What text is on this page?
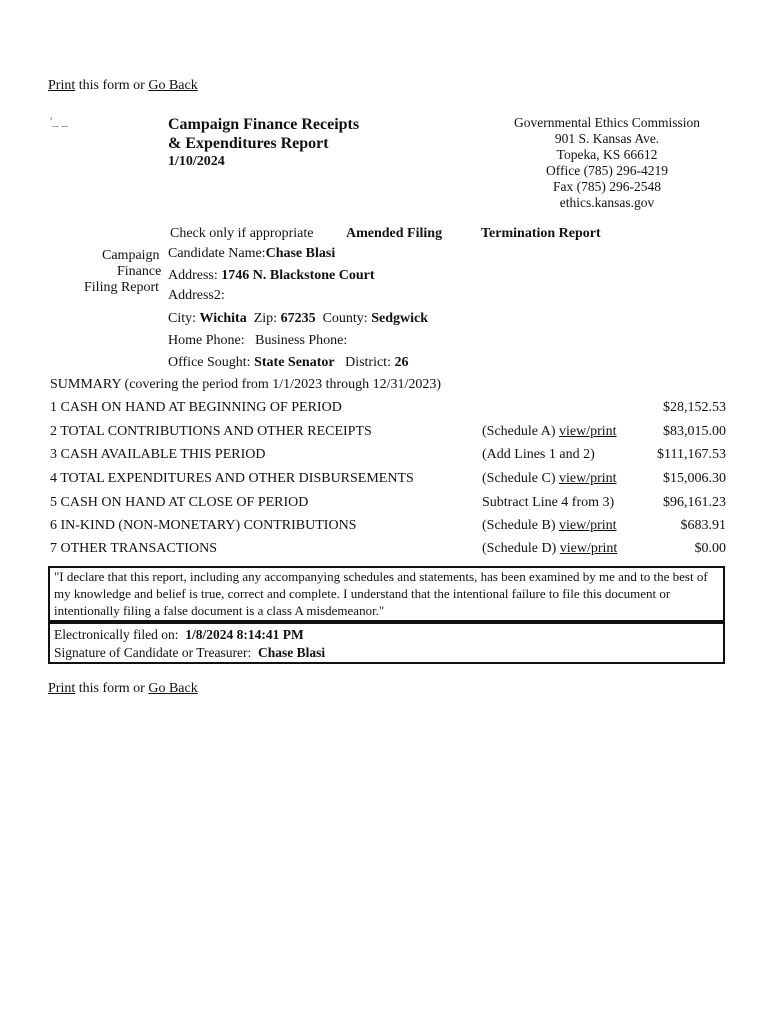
Print this form or Go Back
′_ _	Campaign Finance Receipts
& Expenditures Report
1/10/2024
Governmental Ethics Commission
901 S. Kansas Ave.
Topeka, KS 66612
Office (785) 296-4219
Fax (785) 296-2548
ethics.kansas.gov
Check only if appropriate Amended Filing	Termination Report
Campaign
Finance
Filing Report
Candidate Name:Chase Blasi
Address: 1746 N. Blackstone Court
Address2:
City: Wichita Zip: 67235 County: Sedgwick
Home Phone: Business Phone:
Office Sought: State Senator District: 26
SUMMARY (covering the period from 1/1/2023 through 12/31/2023)
1 CASH ON HAND AT BEGINNING OF PERIOD	$28,152.53
2 TOTAL CONTRIBUTIONS AND OTHER RECEIPTS	(Schedule A) view/print	$83,015.00
3 CASH AVAILABLE THIS PERIOD	(Add Lines 1 and 2)	$111,167.53
4 TOTAL EXPENDITURES AND OTHER DISBURSEMENTS	(Schedule C) view/print	$15,006.30
5 CASH ON HAND AT CLOSE OF PERIOD	Subtract Line 4 from 3)	$96,161.23
6 IN-KIND (NON-MONETARY) CONTRIBUTIONS	(Schedule B) view/print	$683.91
7 OTHER TRANSACTIONS	(Schedule D) view/print	$0.00
"I declare that this report, including any accompanying schedules and statements, has been examined by me and to the best of my knowledge and belief is true, correct and complete. I understand that the intentional failure to file this document or intentionally filing a false document is a class A misdemeanor."
Electronically filed on: 1/8/2024 8:14:41 PM
Signature of Candidate or Treasurer: Chase Blasi
Print this form or Go Back
